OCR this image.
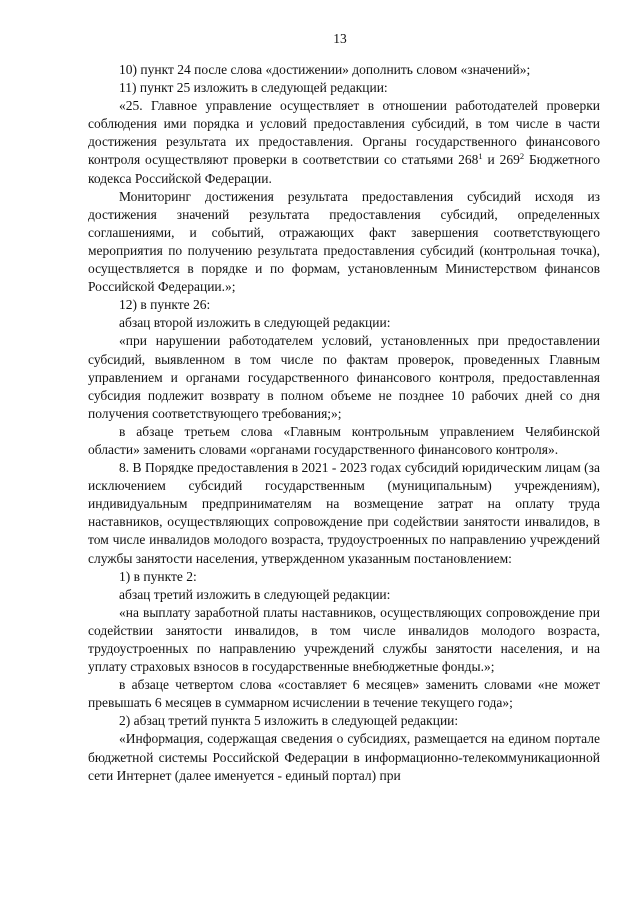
13

10) пункт 24 после слова «достижении» дополнить словом «значений»;

11) пункт 25 изложить в следующей редакции:

«25. Главное управление осуществляет в отношении работодателей проверки соблюдения ими порядка и условий предоставления субсидий, в том числе в части достижения результата их предоставления. Органы государственного финансового контроля осуществляют проверки в соответствии со статьями $268^1$ и $269^2$ Бюджетного кодекса Российской Федерации.

Мониторинг достижения результата предоставления субсидий исходя из достижения значений результата предоставления субсидий, определенных соглашениями, и событий, отражающих факт завершения соответствующего мероприятия по получению результата предоставления субсидий (контрольная точка), осуществляется в порядке и по формам, установленным Министерством финансов Российской Федерации.»;

12) в пункте 26:

абзац второй изложить в следующей редакции:

«при нарушении работодателем условий, установленных при предоставлении субсидий, выявленном в том числе по фактам проверок, проведенных Главным управлением и органами государственного финансового контроля, предоставленная субсидия подлежит возврату в полном объеме не позднее 10 рабочих дней со дня получения соответствующего требования;»;

в абзаце третьем слова «Главным контрольным управлением Челябинской области» заменить словами «органами государственного финансового контроля».

8. В Порядке предоставления в 2021 - 2023 годах субсидий юридическим лицам (за исключением субсидий государственным (муниципальным) учреждениям), индивидуальным предпринимателям на возмещение затрат на оплату труда наставников, осуществляющих сопровождение при содействии занятости инвалидов, в том числе инвалидов молодого возраста, трудоустроенных по направлению учреждений службы занятости населения, утвержденном указанным постановлением:

1) в пункте 2:

абзац третий изложить в следующей редакции:

«на выплату заработной платы наставников, осуществляющих сопровождение при содействии занятости инвалидов, в том числе инвалидов молодого возраста, трудоустроенных по направлению учреждений службы занятости населения, и на уплату страховых взносов в государственные внебюджетные фонды.»;

в абзаце четвертом слова «составляет 6 месяцев» заменить словами «не может превышать 6 месяцев в суммарном исчислении в течение текущего года»;

2) абзац третий пункта 5 изложить в следующей редакции:

«Информация, содержащая сведения о субсидиях, размещается на едином портале бюджетной системы Российской Федерации в информационно-телекоммуникационной сети Интернет (далее именуется - единый портал) при
